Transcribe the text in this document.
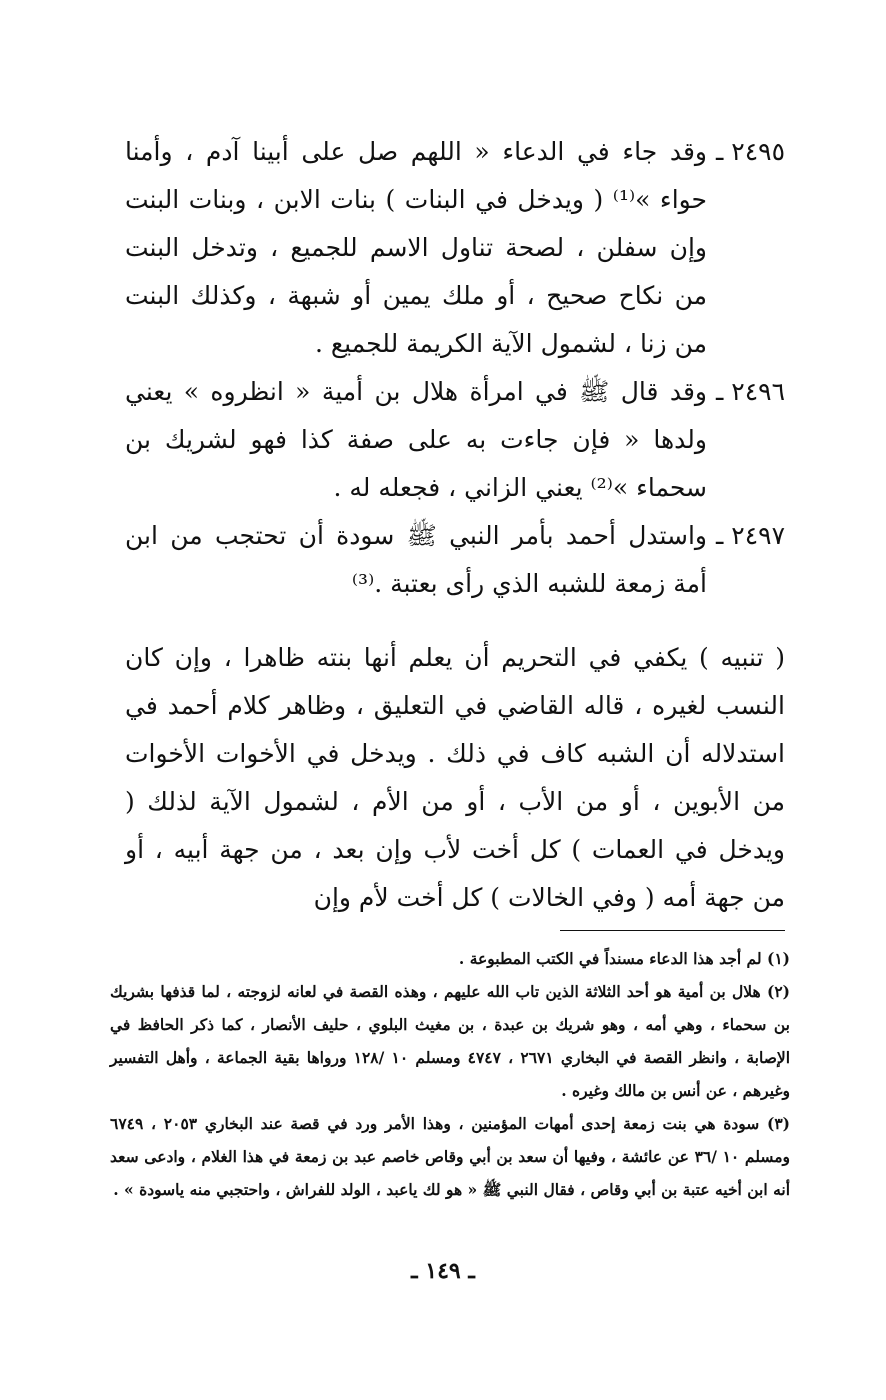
٢٤٩٥ ـ

وقد جاء في الدعاء « اللهم صل على أبينا آدم ، وأمنا حواء »⁽¹⁾ ( ويدخل في البنات ) بنات الابن ، وبنات البنت وإن سفلن ، لصحة تناول الاسم للجميع ، وتدخل البنت من نكاح صحيح ، أو ملك يمين أو شبهة ، وكذلك البنت من زنا ، لشمول الآية الكريمة للجميع .

٢٤٩٦ ـ

وقد قال ﷺ في امرأة هلال بن أمية « انظروه » يعني ولدها « فإن جاءت به على صفة كذا فهو لشريك بن سحماء »⁽²⁾ يعني الزاني ، فجعله له .

٢٤٩٧ ـ

واستدل أحمد بأمر النبي ﷺ سودة أن تحتجب من ابن أمة زمعة للشبه الذي رأى بعتبة .⁽³⁾

( تنبيه ) يكفي في التحريم أن يعلم أنها بنته ظاهرا ، وإن كان النسب لغيره ، قاله القاضي في التعليق ، وظاهر كلام أحمد في استدلاله أن الشبه كاف في ذلك . ويدخل في الأخوات الأخوات من الأبوين ، أو من الأب ، أو من الأم ، لشمول الآية لذلك ( ويدخل في العمات ) كل أخت لأب وإن بعد ، من جهة أبيه ، أو من جهة أمه ( وفي الخالات ) كل أخت لأم وإن

(١) لم أجد هذا الدعاء مسنداً في الكتب المطبوعة .

(٢) هلال بن أمية هو أحد الثلاثة الذين تاب الله عليهم ، وهذه القصة في لعانه لزوجته ، لما قذفها بشريك بن سحماء ، وهي أمه ، وهو شريك بن عبدة ، بن مغيث البلوي ، حليف الأنصار ، كما ذكر الحافظ في الإصابة ، وانظر القصة في البخاري ٢٦٧١ ، ٤٧٤٧ ومسلم ١٠ /١٢٨ ورواها بقية الجماعة ، وأهل التفسير وغيرهم ، عن أنس بن مالك وغيره .

(٣) سودة هي بنت زمعة إحدى أمهات المؤمنين ، وهذا الأمر ورد في قصة عند البخاري ٢٠٥٣ ، ٦٧٤٩ ومسلم ١٠ /٣٦ عن عائشة ، وفيها أن سعد بن أبي وقاص خاصم عبد بن زمعة في هذا الغلام ، وادعى سعد أنه ابن أخيه عتبة بن أبي وقاص ، فقال النبي ﷺ « هو لك ياعبد ، الولد للفراش ، واحتجبي منه ياسودة » .

ـ ١٤٩ ـ
